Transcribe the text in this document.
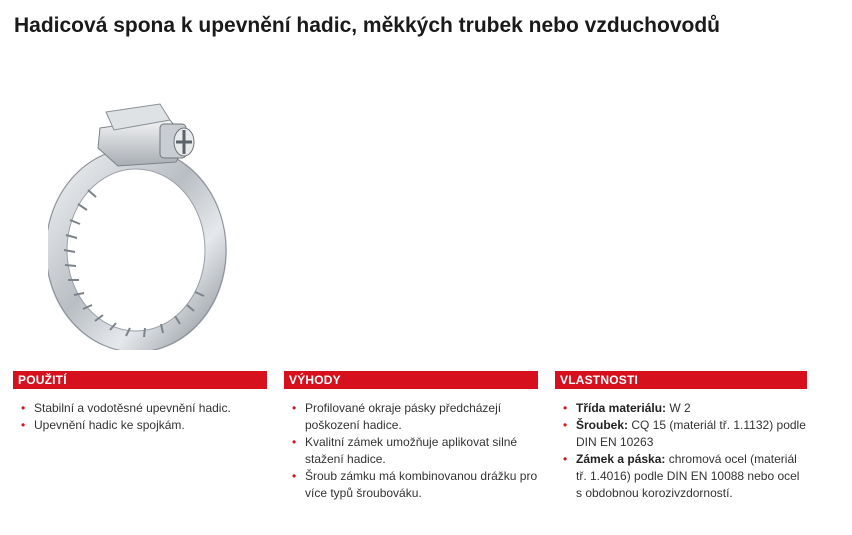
Hadicová spona k upevnění hadic, měkkých trubek nebo vzduchovodů
POUŽITÍ
• Stabilní a vodotěsné upevnění hadic.
• Upevnění hadic ke spojkám.
VÝHODY
• Profilované okraje pásky předcházejí poškození hadice.
• Kvalitní zámek umožňuje aplikovat silné stažení hadice.
• Šroub zámku má kombinovanou drážku pro více typů šroubováku.
VLASTNOSTI
• Třída materiálu: W 2
• Šroubek: CQ 15 (materiál tř. 1.1132) podle DIN EN 10263
• Zámek a páska: chromová ocel (materiál tř. 1.4016) podle DIN EN 10088 nebo ocel s obdobnou korozivzdorností.
